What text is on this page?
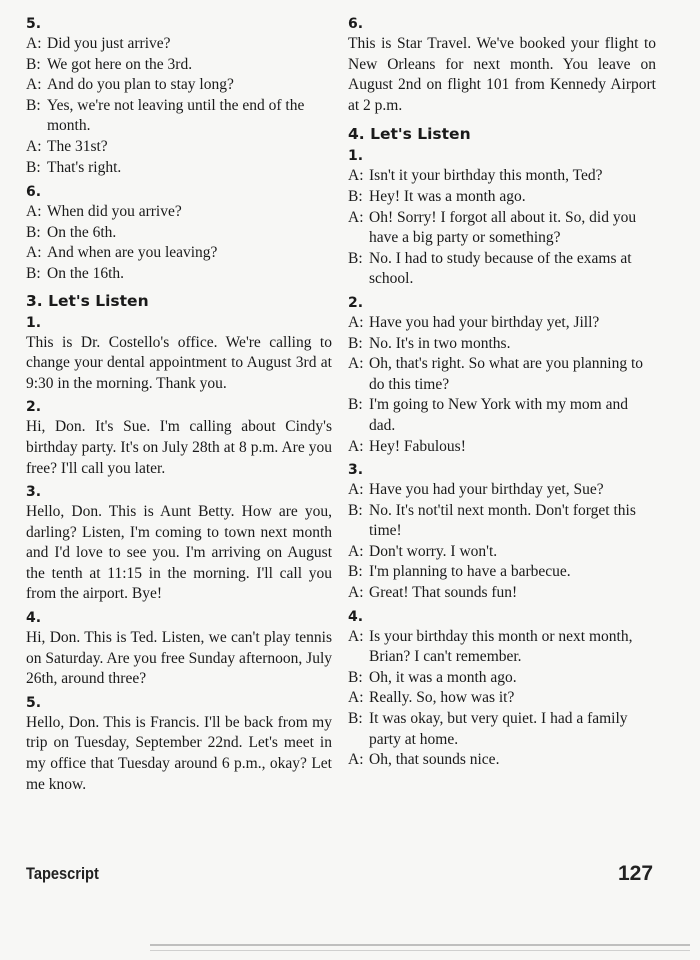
5.
A: Did you just arrive?
B: We got here on the 3rd.
A: And do you plan to stay long?
B: Yes, we're not leaving until the end of the month.
A: The 31st?
B: That's right.
6.
A: When did you arrive?
B: On the 6th.
A: And when are you leaving?
B: On the 16th.
3. Let's Listen
1.
This is Dr. Costello's office. We're calling to change your dental appointment to August 3rd at 9:30 in the morning. Thank you.
2.
Hi, Don. It's Sue. I'm calling about Cindy's birthday party. It's on July 28th at 8 p.m. Are you free? I'll call you later.
3.
Hello, Don. This is Aunt Betty. How are you, darling? Listen, I'm coming to town next month and I'd love to see you. I'm arriving on August the tenth at 11:15 in the morning. I'll call you from the airport. Bye!
4.
Hi, Don. This is Ted. Listen, we can't play tennis on Saturday. Are you free Sunday afternoon, July 26th, around three?
5.
Hello, Don. This is Francis. I'll be back from my trip on Tuesday, September 22nd. Let's meet in my office that Tuesday around 6 p.m., okay? Let me know.
6.
This is Star Travel. We've booked your flight to New Orleans for next month. You leave on August 2nd on flight 101 from Kennedy Airport at 2 p.m.
4. Let's Listen
1.
A: Isn't it your birthday this month, Ted?
B: Hey! It was a month ago.
A: Oh! Sorry! I forgot all about it. So, did you have a big party or something?
B: No. I had to study because of the exams at school.
2.
A: Have you had your birthday yet, Jill?
B: No. It's in two months.
A: Oh, that's right. So what are you planning to do this time?
B: I'm going to New York with my mom and dad.
A: Hey! Fabulous!
3.
A: Have you had your birthday yet, Sue?
B: No. It's not'til next month. Don't forget this time!
A: Don't worry. I won't.
B: I'm planning to have a barbecue.
A: Great! That sounds fun!
4.
A: Is your birthday this month or next month, Brian? I can't remember.
B: Oh, it was a month ago.
A: Really. So, how was it?
B: It was okay, but very quiet. I had a family party at home.
A: Oh, that sounds nice.
Tapescript	127
